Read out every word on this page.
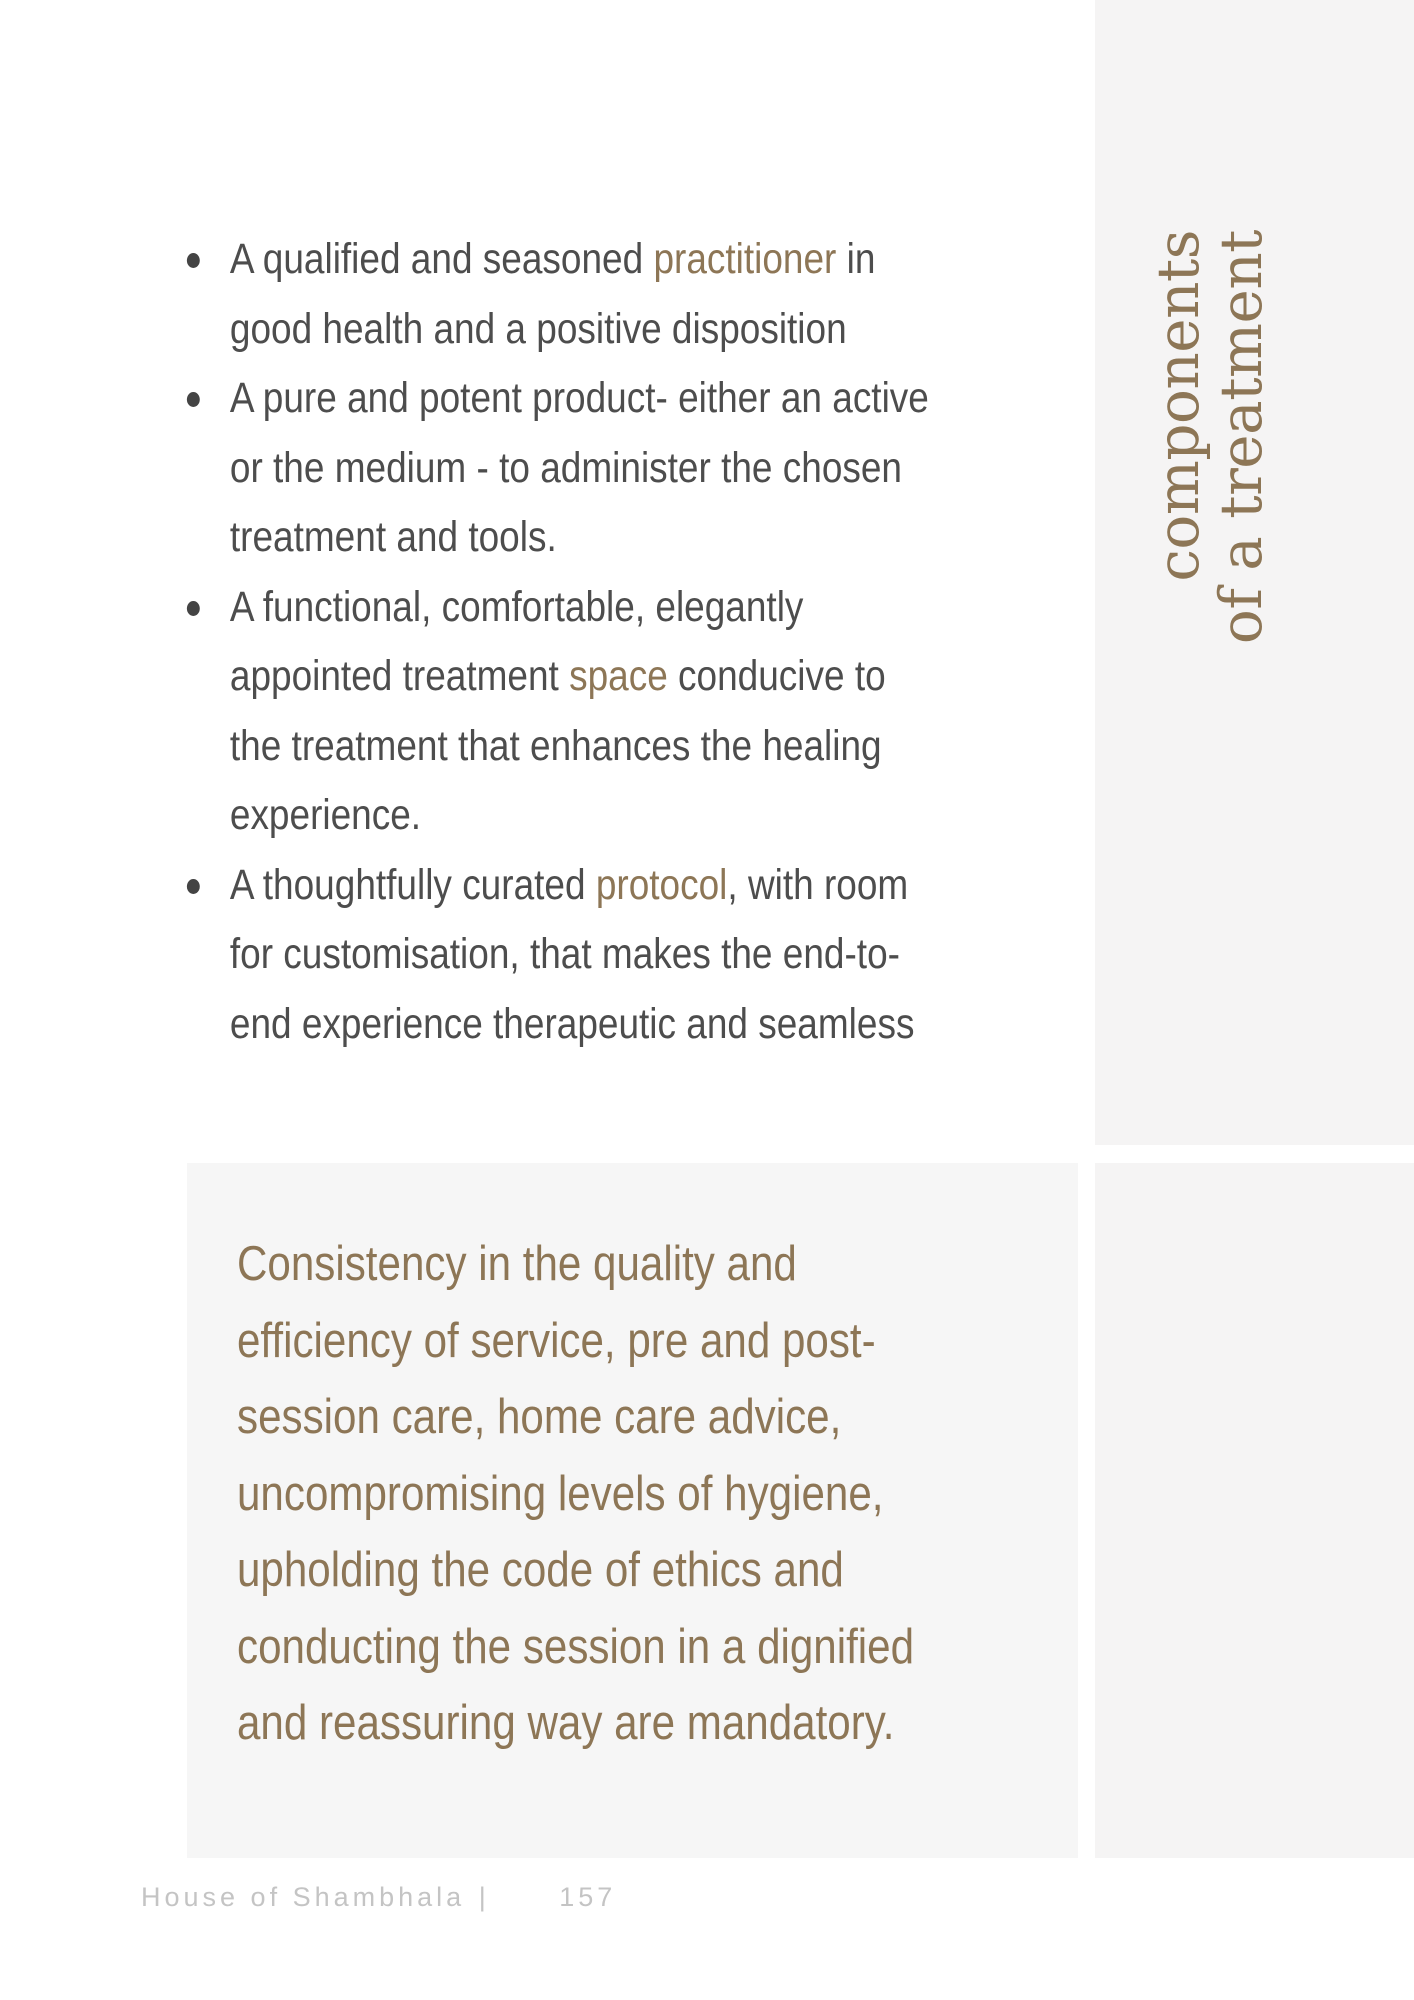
components
of a treatment
A qualified and seasoned practitioner in
good health and a positive disposition
A pure and potent product- either an active
or the medium - to administer the chosen
treatment and tools.
A functional, comfortable, elegantly
appointed treatment space conducive to
the treatment that enhances the healing
experience.
A thoughtfully curated protocol, with room
for customisation, that makes the end-to-
end experience therapeutic and seamless

Consistency in the quality and
efficiency of service, pre and post-
session care, home care advice,
uncompromising levels of hygiene,
upholding the code of ethics and
conducting the session in a dignified
and reassuring way are mandatory.

House of Shambhala |	157
